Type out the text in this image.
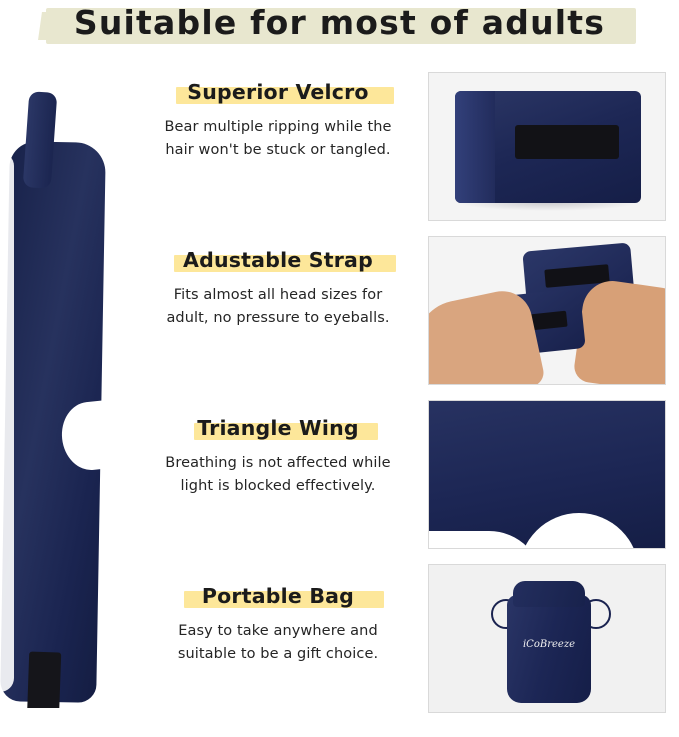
Suitable for most of adults
Superior Velcro
Bear multiple ripping while the
hair won't be stuck or tangled.
Adustable Strap
Fits almost all head sizes for
adult, no pressure to eyeballs.
Triangle Wing
Breathing is not affected while
light is blocked effectively.
Portable Bag
Easy to take anywhere and
suitable to be a gift choice.
iCoBreeze
